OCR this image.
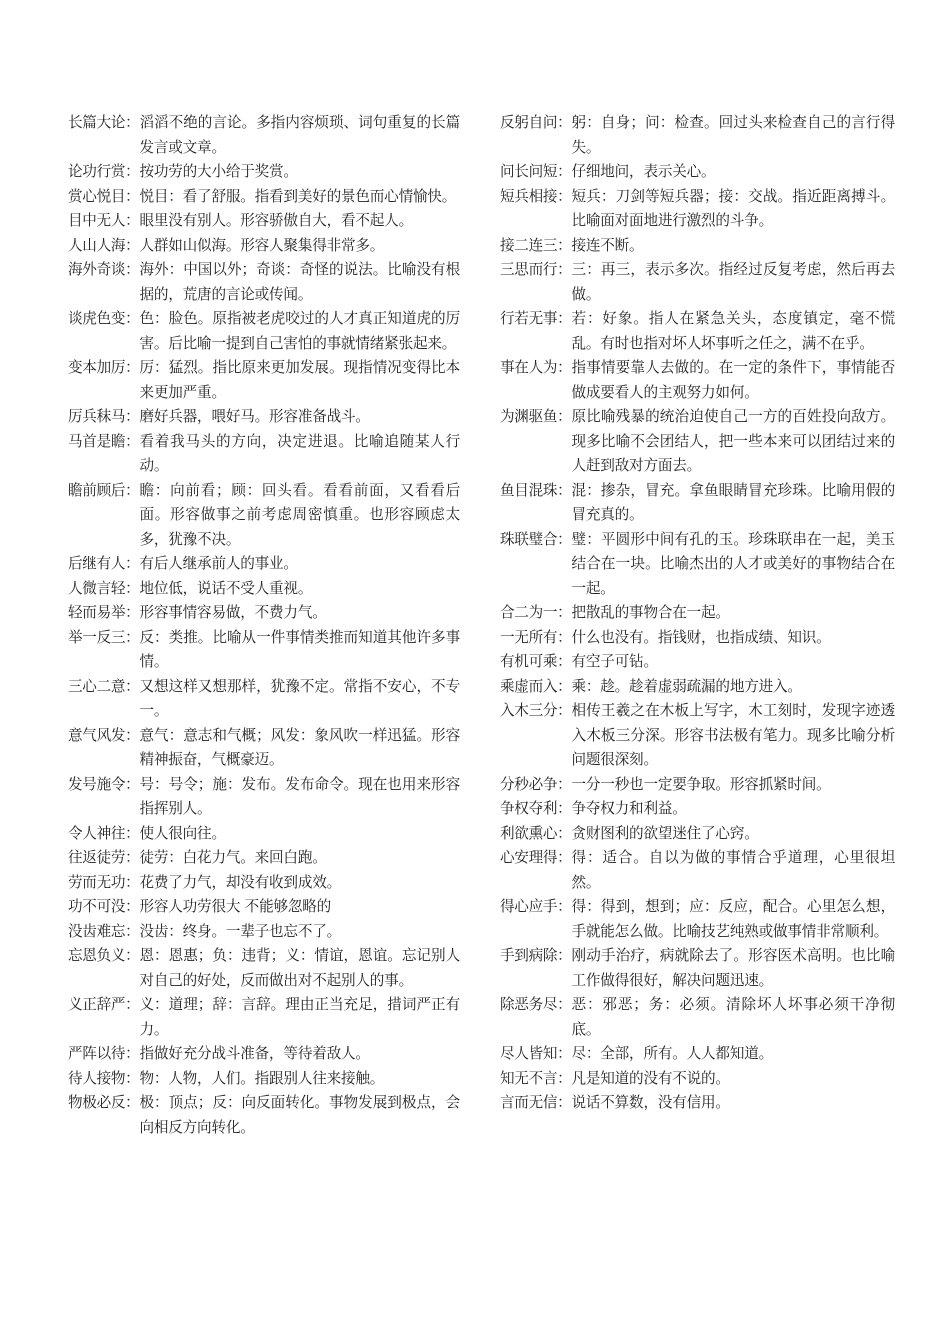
长篇大论： 滔滔不绝的言论。多指内容烦琐、词句重复的长篇发言或文章。
论功行赏： 按功劳的大小给于奖赏。
赏心悦目： 悦目：看了舒服。指看到美好的景色而心情愉快。
目中无人： 眼里没有别人。形容骄傲自大，看不起人。
人山人海： 人群如山似海。形容人聚集得非常多。
海外奇谈： 海外：中国以外；奇谈：奇怪的说法。比喻没有根据的，荒唐的言论或传闻。
谈虎色变： 色：脸色。原指被老虎咬过的人才真正知道虎的厉害。后比喻一提到自己害怕的事就情绪紧张起来。
变本加厉： 厉：猛烈。指比原来更加发展。现指情况变得比本来更加严重。
厉兵秣马： 磨好兵器，喂好马。形容准备战斗。
马首是瞻： 看着我马头的方向，决定进退。比喻追随某人行动。
瞻前顾后： 瞻：向前看；顾：回头看。看看前面，又看看后面。形容做事之前考虑周密慎重。也形容顾虑太多，犹豫不决。
后继有人： 有后人继承前人的事业。
人微言轻： 地位低，说话不受人重视。
轻而易举： 形容事情容易做，不费力气。
举一反三： 反：类推。比喻从一件事情类推而知道其他许多事情。
三心二意： 又想这样又想那样，犹豫不定。常指不安心，不专一。
意气风发： 意气：意志和气概；风发：象风吹一样迅猛。形容精神振奋，气概豪迈。
发号施令： 号：号令；施：发布。发布命令。现在也用来形容指挥别人。
令人神往： 使人很向往。
往返徒劳： 徒劳：白花力气。来回白跑。
劳而无功： 花费了力气，却没有收到成效。
功不可没： 形容人功劳很大 不能够忽略的
没齿难忘： 没齿：终身。一辈子也忘不了。
忘恩负义： 恩：恩惠；负：违背；义：情谊，恩谊。忘记别人对自己的好处，反而做出对不起别人的事。
义正辞严： 义：道理；辞：言辞。理由正当充足，措词严正有力。
严阵以待： 指做好充分战斗准备，等待着敌人。
待人接物： 物：人物，人们。指跟别人往来接触。
物极必反： 极：顶点；反：向反面转化。事物发展到极点，会向相反方向转化。
反躬自问： 躬：自身；问：检查。回过头来检查自己的言行得失。
问长问短： 仔细地问，表示关心。
短兵相接： 短兵：刀剑等短兵器；接：交战。指近距离搏斗。比喻面对面地进行激烈的斗争。
接二连三： 接连不断。
三思而行： 三：再三，表示多次。指经过反复考虑，然后再去做。
行若无事： 若：好象。指人在紧急关头，态度镇定，毫不慌乱。有时也指对坏人坏事听之任之，满不在乎。
事在人为： 指事情要靠人去做的。在一定的条件下，事情能否做成要看人的主观努力如何。
为渊驱鱼： 原比喻残暴的统治迫使自己一方的百姓投向敌方。现多比喻不会团结人，把一些本来可以团结过来的人赶到敌对方面去。
鱼目混珠： 混：掺杂，冒充。拿鱼眼睛冒充珍珠。比喻用假的冒充真的。
珠联璧合： 璧：平圆形中间有孔的玉。珍珠联串在一起，美玉结合在一块。比喻杰出的人才或美好的事物结合在一起。
合二为一： 把散乱的事物合在一起。
一无所有： 什么也没有。指钱财，也指成绩、知识。
有机可乘： 有空子可钻。
乘虚而入： 乘：趁。趁着虚弱疏漏的地方进入。
入木三分： 相传王羲之在木板上写字，木工刻时，发现字迹透入木板三分深。形容书法极有笔力。现多比喻分析问题很深刻。
分秒必争： 一分一秒也一定要争取。形容抓紧时间。
争权夺利： 争夺权力和利益。
利欲熏心： 贪财图利的欲望迷住了心窍。
心安理得： 得：适合。自以为做的事情合乎道理，心里很坦然。
得心应手： 得：得到，想到；应：反应，配合。心里怎么想，手就能怎么做。比喻技艺纯熟或做事情非常顺利。
手到病除： 刚动手治疗，病就除去了。形容医术高明。也比喻工作做得很好，解决问题迅速。
除恶务尽： 恶：邪恶；务：必须。清除坏人坏事必须干净彻底。
尽人皆知： 尽：全部，所有。人人都知道。
知无不言： 凡是知道的没有不说的。
言而无信： 说话不算数，没有信用。
